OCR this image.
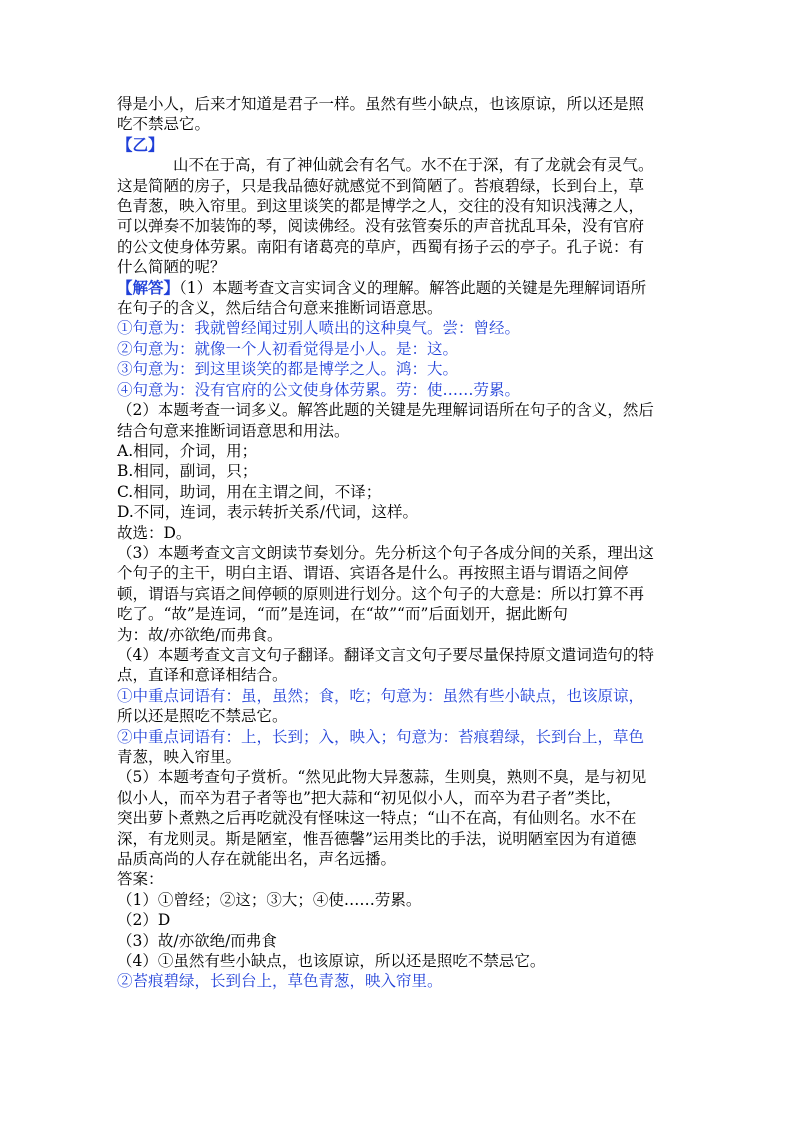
得是小人，后来才知道是君子一样。虽然有些小缺点，也该原谅，所以还是照
吃不禁忌它。
【乙】
山不在于高，有了神仙就会有名气。水不在于深，有了龙就会有灵气。
这是简陋的房子，只是我品德好就感觉不到简陋了。苔痕碧绿，长到台上，草
色青葱，映入帘里。到这里谈笑的都是博学之人，交往的没有知识浅薄之人，
可以弹奏不加装饰的琴，阅读佛经。没有弦管奏乐的声音扰乱耳朵，没有官府
的公文使身体劳累。南阳有诸葛亮的草庐，西蜀有扬子云的亭子。孔子说：有
什么简陋的呢？
【解答】（1）本题考查文言实词含义的理解。解答此题的关键是先理解词语所
在句子的含义，然后结合句意来推断词语意思。
①句意为：我就曾经闻过别人喷出的这种臭气。尝：曾经。
②句意为：就像一个人初看觉得是小人。是：这。
③句意为：到这里谈笑的都是博学之人。鸿：大。
④句意为：没有官府的公文使身体劳累。劳：使……劳累。
（2）本题考查一词多义。解答此题的关键是先理解词语所在句子的含义，然后
结合句意来推断词语意思和用法。
A.相同，介词，用；
B.相同，副词，只；
C.相同，助词，用在主谓之间，不译；
D.不同，连词，表示转折关系/代词，这样。
故选：D。
（3）本题考查文言文朗读节奏划分。先分析这个句子各成分间的关系，理出这
个句子的主干，明白主语、谓语、宾语各是什么。再按照主语与谓语之间停
顿，谓语与宾语之间停顿的原则进行划分。这个句子的大意是：所以打算不再
吃了。“故”是连词，“而”是连词，在“故”“而”后面划开，据此断句
为：故/亦欲绝/而弗食。
（4）本题考查文言文句子翻译。翻译文言文句子要尽量保持原文遣词造句的特
点，直译和意译相结合。
①中重点词语有：虽，虽然；食，吃；句意为：虽然有些小缺点，也该原谅，
所以还是照吃不禁忌它。
②中重点词语有：上，长到；入，映入；句意为：苔痕碧绿，长到台上，草色
青葱，映入帘里。
（5）本题考查句子赏析。“然见此物大异葱蒜，生则臭，熟则不臭，是与初见
似小人，而卒为君子者等也”把大蒜和“初见似小人，而卒为君子者”类比，
突出萝卜煮熟之后再吃就没有怪味这一特点；“山不在高，有仙则名。水不在
深，有龙则灵。斯是陋室，惟吾德馨”运用类比的手法，说明陋室因为有道德
品质高尚的人存在就能出名，声名远播。
答案：
（1）①曾经；②这；③大；④使……劳累。
（2）D
（3）故/亦欲绝/而弗食
（4）①虽然有些小缺点，也该原谅，所以还是照吃不禁忌它。
②苔痕碧绿，长到台上，草色青葱，映入帘里。
